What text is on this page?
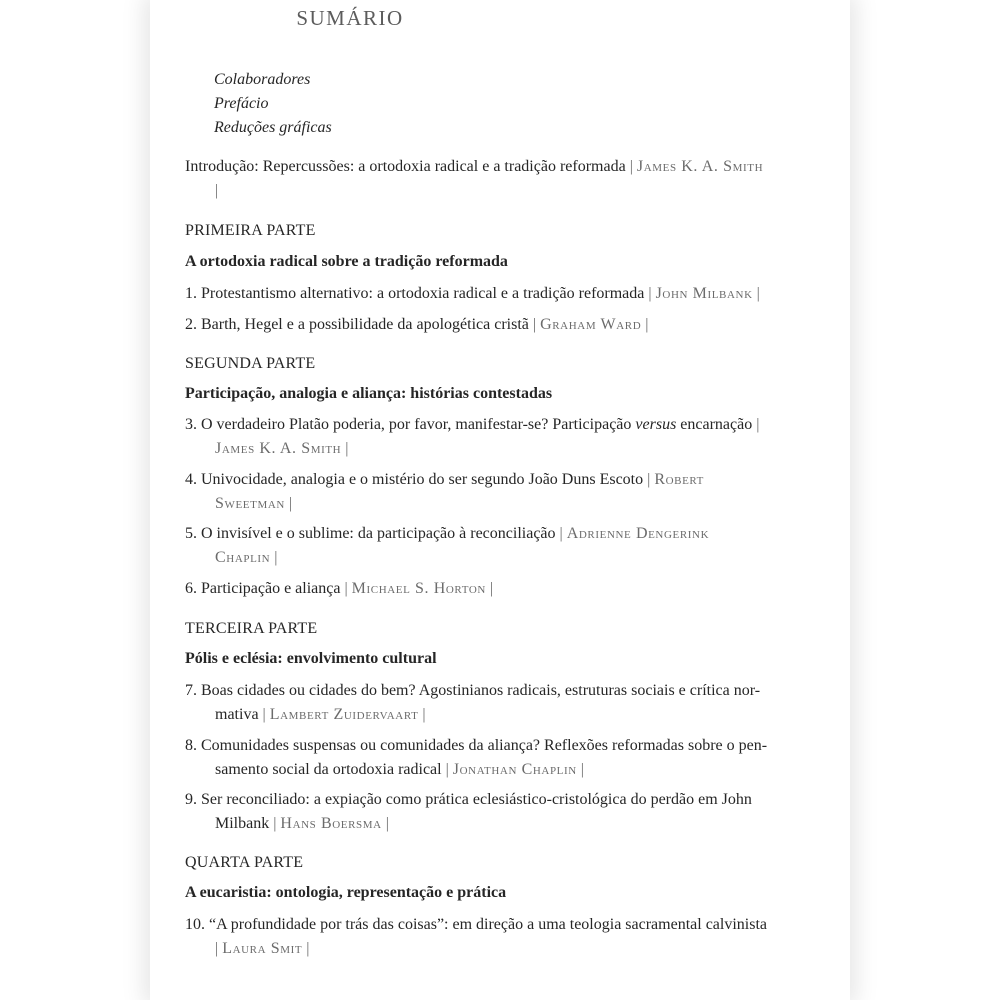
SUMÁRIO
Colaboradores
Prefácio
Reduções gráficas
Introdução: Repercussões: a ortodoxia radical e a tradição reformada | James K. A. Smith
|
PRIMEIRA PARTE
A ortodoxia radical sobre a tradição reformada
1. Protestantismo alternativo: a ortodoxia radical e a tradição reformada | John Milbank |
2. Barth, Hegel e a possibilidade da apologética cristã | Graham Ward |
SEGUNDA PARTE
Participação, analogia e aliança: histórias contestadas
3. O verdadeiro Platão poderia, por favor, manifestar-se? Participação versus encarnação |
James K. A. Smith |
4. Univocidade, analogia e o mistério do ser segundo João Duns Escoto | Robert
Sweetman |
5. O invisível e o sublime: da participação à reconciliação | Adrienne Dengerink
Chaplin |
6. Participação e aliança | Michael S. Horton |
TERCEIRA PARTE
Pólis e eclésia: envolvimento cultural
7. Boas cidades ou cidades do bem? Agostinianos radicais, estruturas sociais e crítica nor-
mativa | Lambert Zuidervaart |
8. Comunidades suspensas ou comunidades da aliança? Reflexões reformadas sobre o pen-
samento social da ortodoxia radical | Jonathan Chaplin |
9. Ser reconciliado: a expiação como prática eclesiástico-cristológica do perdão em John
Milbank | Hans Boersma |
QUARTA PARTE
A eucaristia: ontologia, representação e prática
10. “A profundidade por trás das coisas”: em direção a uma teologia sacramental calvinista
| Laura Smit |
